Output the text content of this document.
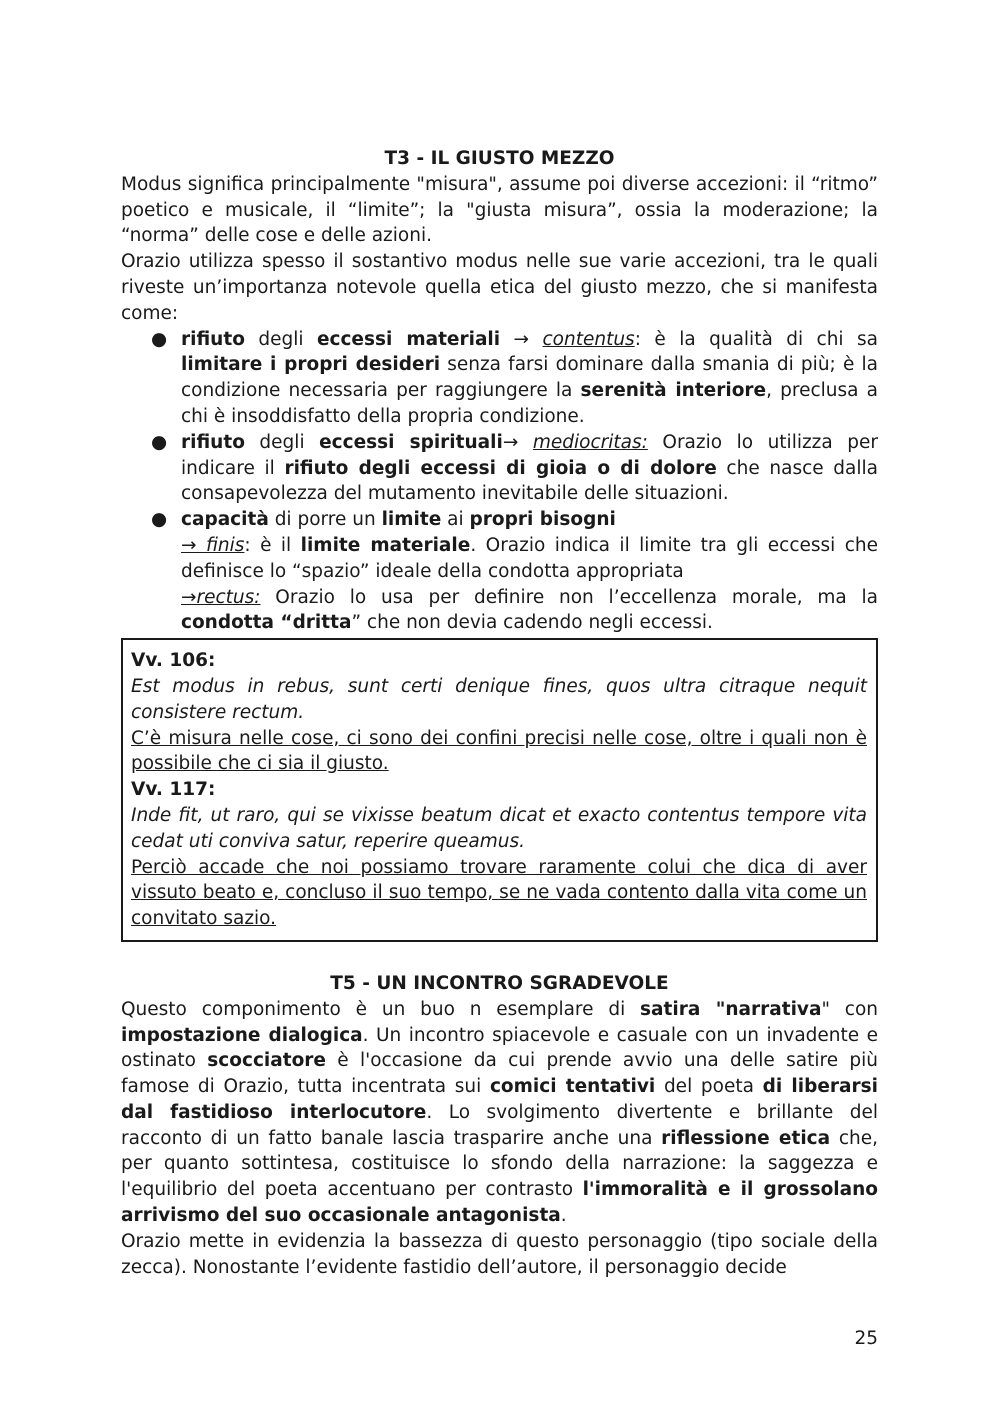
T3 - IL GIUSTO MEZZO

Modus significa principalmente "misura", assume poi diverse accezioni: il “ritmo” poetico e musicale, il “limite”; la "giusta misura”, ossia la moderazione; la “norma” delle cose e delle azioni.

Orazio utilizza spesso il sostantivo modus nelle sue varie accezioni, tra le quali riveste un’importanza notevole quella etica del giusto mezzo, che si manifesta come:

● rifiuto degli eccessi materiali → contentus: è la qualità di chi sa limitare i propri desideri senza farsi dominare dalla smania di più; è la condizione necessaria per raggiungere la serenità interiore, preclusa a chi è insoddisfatto della propria condizione.
● rifiuto degli eccessi spirituali→ mediocritas: Orazio lo utilizza per indicare il rifiuto degli eccessi di gioia o di dolore che nasce dalla consapevolezza del mutamento inevitabile delle situazioni.
● capacità di porre un limite ai propri bisogni
→ finis: è il limite materiale. Orazio indica il limite tra gli eccessi che definisce lo “spazio” ideale della condotta appropriata
→rectus: Orazio lo usa per definire non l’eccellenza morale, ma la condotta “dritta” che non devia cadendo negli eccessi.

Vv. 106:

Est modus in rebus, sunt certi denique fines, quos ultra citraque nequit consistere rectum.

C’è misura nelle cose, ci sono dei confini precisi nelle cose, oltre i quali non è possibile che ci sia il giusto.

Vv. 117:

Inde fit, ut raro, qui se vixisse beatum dicat et exacto contentus tempore vita cedat uti conviva satur, reperire queamus.

Perciò accade che noi possiamo trovare raramente colui che dica di aver vissuto beato e, concluso il suo tempo, se ne vada contento dalla vita come un convitato sazio.

T5 - UN INCONTRO SGRADEVOLE

Questo componimento è un buo n esemplare di satira "narrativa" con impostazione dialogica. Un incontro spiacevole e casuale con un invadente e ostinato scocciatore è l'occasione da cui prende avvio una delle satire più famose di Orazio, tutta incentrata sui comici tentativi del poeta di liberarsi dal fastidioso interlocutore. Lo svolgimento divertente e brillante del racconto di un fatto banale lascia trasparire anche una riflessione etica che, per quanto sottintesa, costituisce lo sfondo della narrazione: la saggezza e l'equilibrio del poeta accentuano per contrasto l'immoralità e il grossolano arrivismo del suo occasionale antagonista.

Orazio mette in evidenzia la bassezza di questo personaggio (tipo sociale della zecca). Nonostante l’evidente fastidio dell’autore, il personaggio decide

25
